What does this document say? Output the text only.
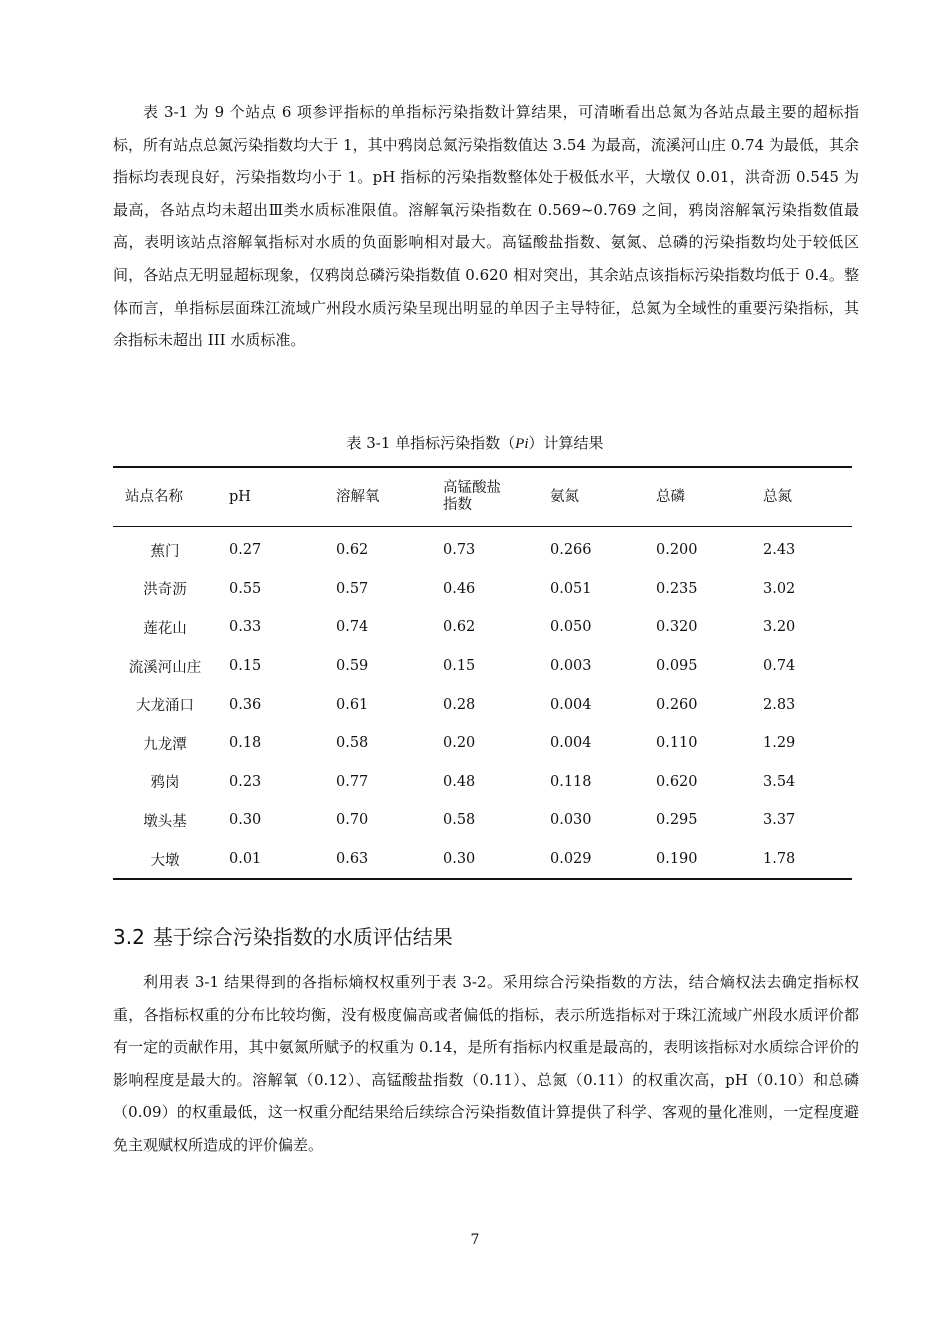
表 3-1 为 9 个站点 6 项参评指标的单指标污染指数计算结果，可清晰看出总氮为各站点最主要的超标指标，所有站点总氮污染指数均大于 1，其中鸦岗总氮污染指数值达 3.54 为最高，流溪河山庄 0.74 为最低，其余指标均表现良好，污染指数均小于 1。pH 指标的污染指数整体处于极低水平，大墩仅 0.01，洪奇沥 0.545 为最高，各站点均未超出Ⅲ类水质标准限值。溶解氧污染指数在 0.569~0.769 之间，鸦岗溶解氧污染指数值最高，表明该站点溶解氧指标对水质的负面影响相对最大。高锰酸盐指数、氨氮、总磷的污染指数均处于较低区间，各站点无明显超标现象，仅鸦岗总磷污染指数值 0.620 相对突出，其余站点该指标污染指数均低于 0.4。整体而言，单指标层面珠江流域广州段水质污染呈现出明显的单因子主导特征，总氮为全域性的重要污染指标，其余指标未超出 III 水质标准。

表 3-1 单指标污染指数（Pi）计算结果

站点名称	pH	溶解氧	高锰酸盐指数	氨氮	总磷	总氮
蕉门	0.27	0.62	0.73	0.266	0.200	2.43
洪奇沥	0.55	0.57	0.46	0.051	0.235	3.02
莲花山	0.33	0.74	0.62	0.050	0.320	3.20
流溪河山庄	0.15	0.59	0.15	0.003	0.095	0.74
大龙涌口	0.36	0.61	0.28	0.004	0.260	2.83
九龙潭	0.18	0.58	0.20	0.004	0.110	1.29
鸦岗	0.23	0.77	0.48	0.118	0.620	3.54
墩头基	0.30	0.70	0.58	0.030	0.295	3.37
大墩	0.01	0.63	0.30	0.029	0.190	1.78
3.2 基于综合污染指数的水质评估结果

利用表 3-1 结果得到的各指标熵权权重列于表 3-2。采用综合污染指数的方法，结合熵权法去确定指标权重，各指标权重的分布比较均衡，没有极度偏高或者偏低的指标，表示所选指标对于珠江流域广州段水质评价都有一定的贡献作用，其中氨氮所赋予的权重为 0.14，是所有指标内权重是最高的，表明该指标对水质综合评价的影响程度是最大的。溶解氧（0.12）、高锰酸盐指数（0.11）、总氮（0.11）的权重次高，pH（0.10）和总磷（0.09）的权重最低，这一权重分配结果给后续综合污染指数值计算提供了科学、客观的量化准则，一定程度避免主观赋权所造成的评价偏差。

7
